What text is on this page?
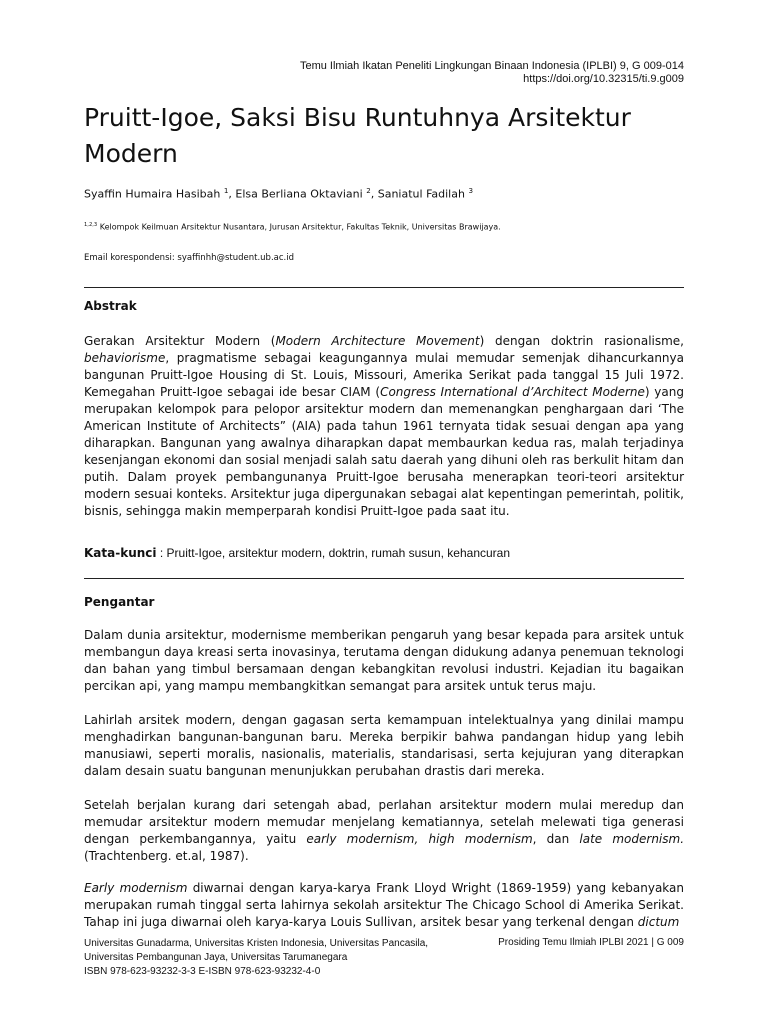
Temu Ilmiah Ikatan Peneliti Lingkungan Binaan Indonesia (IPLBI) 9, G 009-014
https://doi.org/10.32315/ti.9.g009
Pruitt-Igoe, Saksi Bisu Runtuhnya Arsitektur Modern
Syaffin Humaira Hasibah $^1$, Elsa Berliana Oktaviani $^2$, Saniatul Fadilah $^3$
$^{1,2,3}$ Kelompok Keilmuan Arsitektur Nusantara, Jurusan Arsitektur, Fakultas Teknik, Universitas Brawijaya.
Email korespondensi: syaffinhh@student.ub.ac.id
Abstrak

Gerakan Arsitektur Modern (Modern Architecture Movement) dengan doktrin rasionalisme, behaviorisme, pragmatisme sebagai keagungannya mulai memudar semenjak dihancurkannya bangunan Pruitt-Igoe Housing di St. Louis, Missouri, Amerika Serikat pada tanggal 15 Juli 1972. Kemegahan Pruitt-Igoe sebagai ide besar CIAM (Congress International d’Architect Moderne) yang merupakan kelompok para pelopor arsitektur modern dan memenangkan penghargaan dari ‘The American Institute of Architects” (AIA) pada tahun 1961 ternyata tidak sesuai dengan apa yang diharapkan. Bangunan yang awalnya diharapkan dapat membaurkan kedua ras, malah terjadinya kesenjangan ekonomi dan sosial menjadi salah satu daerah yang dihuni oleh ras berkulit hitam dan putih. Dalam proyek pembangunanya Pruitt-Igoe berusaha menerapkan teori-teori arsitektur modern sesuai konteks. Arsitektur juga dipergunakan sebagai alat kepentingan pemerintah, politik, bisnis, sehingga makin memperparah kondisi Pruitt-Igoe pada saat itu.

Kata-kunci : Pruitt-Igoe, arsitektur modern, doktrin, rumah susun, kehancuran
Pengantar

Dalam dunia arsitektur, modernisme memberikan pengaruh yang besar kepada para arsitek untuk membangun daya kreasi serta inovasinya, terutama dengan didukung adanya penemuan teknologi dan bahan yang timbul bersamaan dengan kebangkitan revolusi industri. Kejadian itu bagaikan percikan api, yang mampu membangkitkan semangat para arsitek untuk terus maju.

Lahirlah arsitek modern, dengan gagasan serta kemampuan intelektualnya yang dinilai mampu menghadirkan bangunan-bangunan baru. Mereka berpikir bahwa pandangan hidup yang lebih manusiawi, seperti moralis, nasionalis, materialis, standarisasi, serta kejujuran yang diterapkan dalam desain suatu bangunan menunjukkan perubahan drastis dari mereka.

Setelah berjalan kurang dari setengah abad, perlahan arsitektur modern mulai meredup dan memudar arsitektur modern memudar menjelang kematiannya, setelah melewati tiga generasi dengan perkembangannya, yaitu early modernism, high modernism, dan late modernism. (Trachtenberg. et.al, 1987).

Early modernism diwarnai dengan karya-karya Frank Lloyd Wright (1869-1959) yang kebanyakan merupakan rumah tinggal serta lahirnya sekolah arsitektur The Chicago School di Amerika Serikat. Tahap ini juga diwarnai oleh karya-karya Louis Sullivan, arsitek besar yang terkenal dengan dictum

Universitas Gunadarma, Universitas Kristen Indonesia, Universitas Pancasila,
Universitas Pembangunan Jaya, Universitas Tarumanegara
ISBN 978-623-93232-3-3 E-ISBN 978-623-93232-4-0
Prosiding Temu Ilmiah IPLBI 2021 | G 009
